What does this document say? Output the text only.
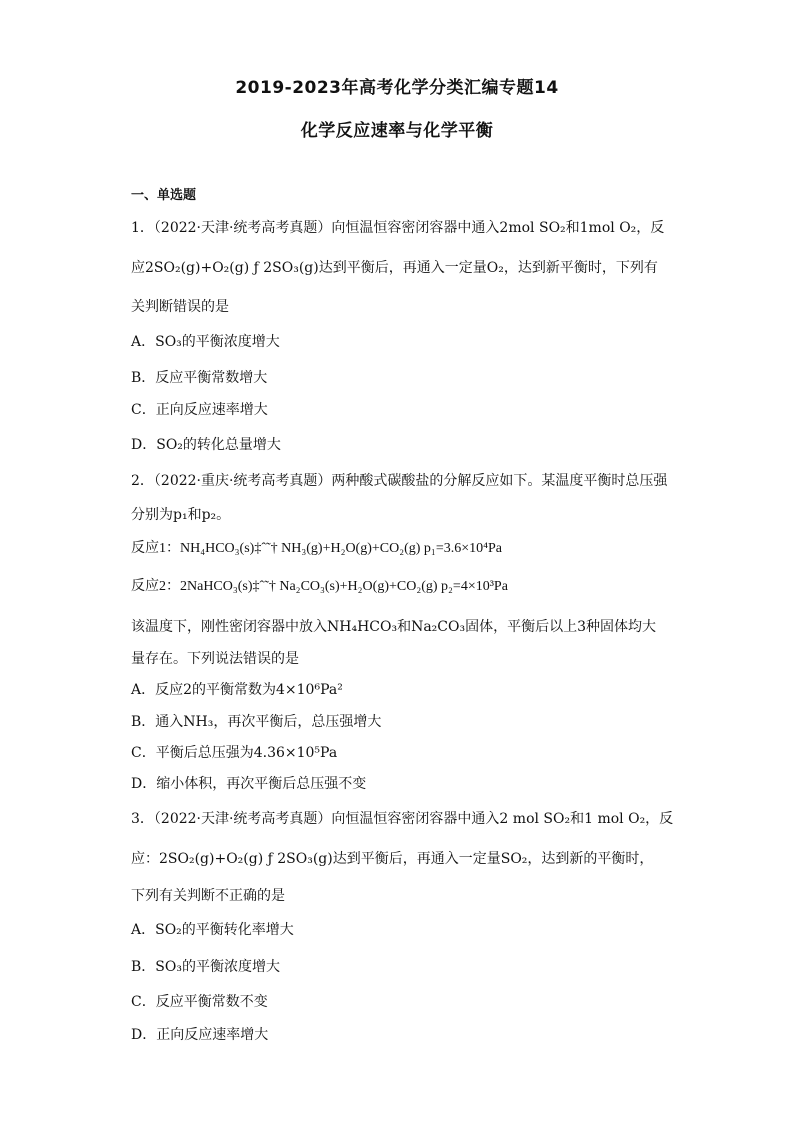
2019-2023年高考化学分类汇编专题14
化学反应速率与化学平衡
一、单选题
1．（2022·天津·统考高考真题）向恒温恒容密闭容器中通入2mol SO₂和1mol O₂，反
应2SO₂(g)+O₂(g) ƒ 2SO₃(g)达到平衡后，再通入一定量O₂，达到新平衡时，下列有
关判断错误的是
A．SO₃的平衡浓度增大
B．反应平衡常数增大
C．正向反应速率增大
D．SO₂的转化总量增大
2．（2022·重庆·统考高考真题）两种酸式碳酸盐的分解反应如下。某温度平衡时总压强
分别为p₁和p₂。
反应1：NH₄HCO₃(s)‡ˆ˜† NH₃(g)+H₂O(g)+CO₂(g) p₁=3.6×10⁴Pa
反应2：2NaHCO₃(s)‡ˆ˜† Na₂CO₃(s)+H₂O(g)+CO₂(g) p₂=4×10³Pa
该温度下，刚性密闭容器中放入NH₄HCO₃和Na₂CO₃固体，平衡后以上3种固体均大
量存在。下列说法错误的是
A．反应2的平衡常数为4×10⁶Pa²
B．通入NH₃，再次平衡后，总压强增大
C．平衡后总压强为4.36×10⁵Pa
D．缩小体积，再次平衡后总压强不变
3．（2022·天津·统考高考真题）向恒温恒容密闭容器中通入2 mol SO₂和1 mol O₂，反
应：2SO₂(g)+O₂(g) ƒ 2SO₃(g)达到平衡后，再通入一定量SO₂，达到新的平衡时，
下列有关判断不正确的是
A．SO₂的平衡转化率增大
B．SO₃的平衡浓度增大
C．反应平衡常数不变
D．正向反应速率增大
